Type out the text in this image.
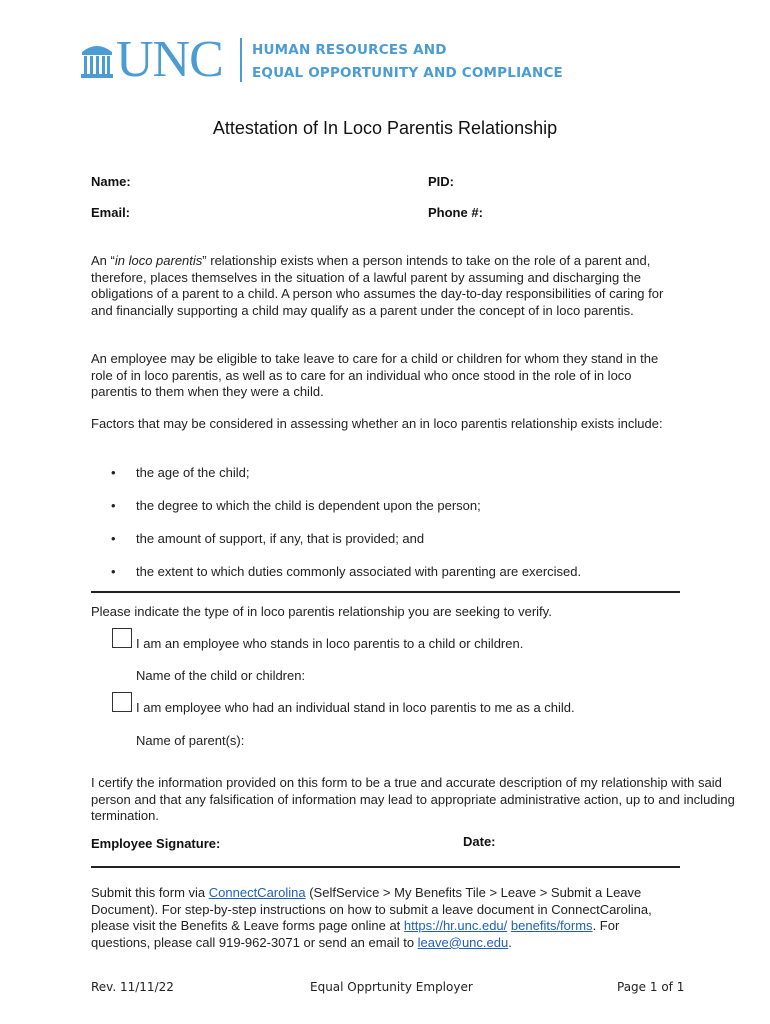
UNC HUMAN RESOURCES AND
EQUAL OPPORTUNITY AND COMPLIANCE
Attestation of In Loco Parentis Relationship
Name:	PID:
Email:	Phone #:
An “in loco parentis” relationship exists when a person intends to take on the role of a parent and, therefore, places themselves in the situation of a lawful parent by assuming and discharging the obligations of a parent to a child. A person who assumes the day-to-day responsibilities of caring for and financially supporting a child may qualify as a parent under the concept of in loco parentis.
An employee may be eligible to take leave to care for a child or children for whom they stand in the role of in loco parentis, as well as to care for an individual who once stood in the role of in loco parentis to them when they were a child.
Factors that may be considered in assessing whether an in loco parentis relationship exists include:
• the age of the child;
• the degree to which the child is dependent upon the person;
• the amount of support, if any, that is provided; and
• the extent to which duties commonly associated with parenting are exercised.
Please indicate the type of in loco parentis relationship you are seeking to verify.
I am an employee who stands in loco parentis to a child or children.
Name of the child or children:
I am employee who had an individual stand in loco parentis to me as a child.
Name of parent(s):
I certify the information provided on this form to be a true and accurate description of my relationship with said person and that any falsification of information may lead to appropriate administrative action, up to and including termination.
Employee Signature:	Date:
Submit this form via ConnectCarolina (SelfService > My Benefits Tile > Leave > Submit a Leave Document). For step-by-step instructions on how to submit a leave document in ConnectCarolina, please visit the Benefits & Leave forms page online at https://hr.unc.edu/ benefits/forms. For questions, please call 919-962-3071 or send an email to leave@unc.edu.
Rev. 11/11/22	Equal Opprtunity Employer	Page 1 of 1
